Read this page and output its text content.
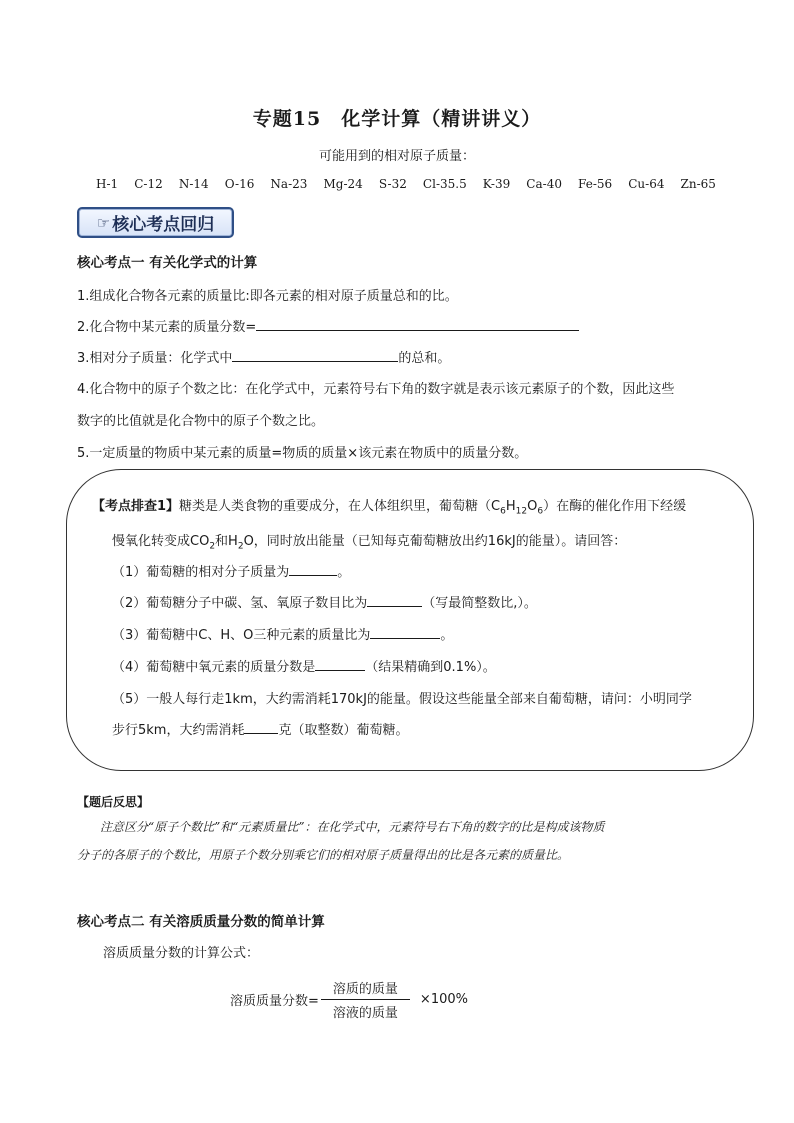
专题15　化学计算（精讲讲义）
可能用到的相对原子质量：
H-1 C-12 N-14 O-16 Na-23 Mg-24 S-32 Cl-35.5 K-39 Ca-40 Fe-56 Cu-64 Zn-65
☞ 核心考点回归
核心考点一 有关化学式的计算
1.组成化合物各元素的质量比:即各元素的相对原子质量总和的比。
2.化合物中某元素的质量分数=
3.相对分子质量：化学式中	的总和。
4.化合物中的原子个数之比：在化学式中，元素符号右下角的数字就是表示该元素原子的个数，因此这些
数字的比值就是化合物中的原子个数之比。
5.一定质量的物质中某元素的质量=物质的质量×该元素在物质中的质量分数。
【考点排查1】糖类是人类食物的重要成分，在人体组织里，葡萄糖$(C_6H_{12}O_6)$在酶的催化作用下经缓
慢氧化转变成$CO_2$和$H_2O$，同时放出能量（已知每克葡萄糖放出约16kJ的能量）。请回答：
（1）葡萄糖的相对分子质量为	。
（2）葡萄糖分子中碳、氢、氧原子数目比为	（写最简整数比,）。
（3）葡萄糖中C、H、O三种元素的质量比为	。
（4）葡萄糖中氧元素的质量分数是	（结果精确到0.1%）。
（5）一般人每行走1km，大约需消耗170kJ的能量。假设这些能量全部来自葡萄糖，请问：小明同学
步行5km，大约需消耗	克（取整数）葡萄糖。
【题后反思】
注意区分“原子个数比”和“元素质量比”：在化学式中，元素符号右下角的数字的比是构成该物质
分子的各原子的个数比，用原子个数分别乘它们的相对原子质量得出的比是各元素的质量比。
核心考点二 有关溶质质量分数的简单计算
溶质质量分数的计算公式：
溶质质量分数= $\frac{\text{溶质的质量}}{\text{溶液的质量}} \times 100\%$
